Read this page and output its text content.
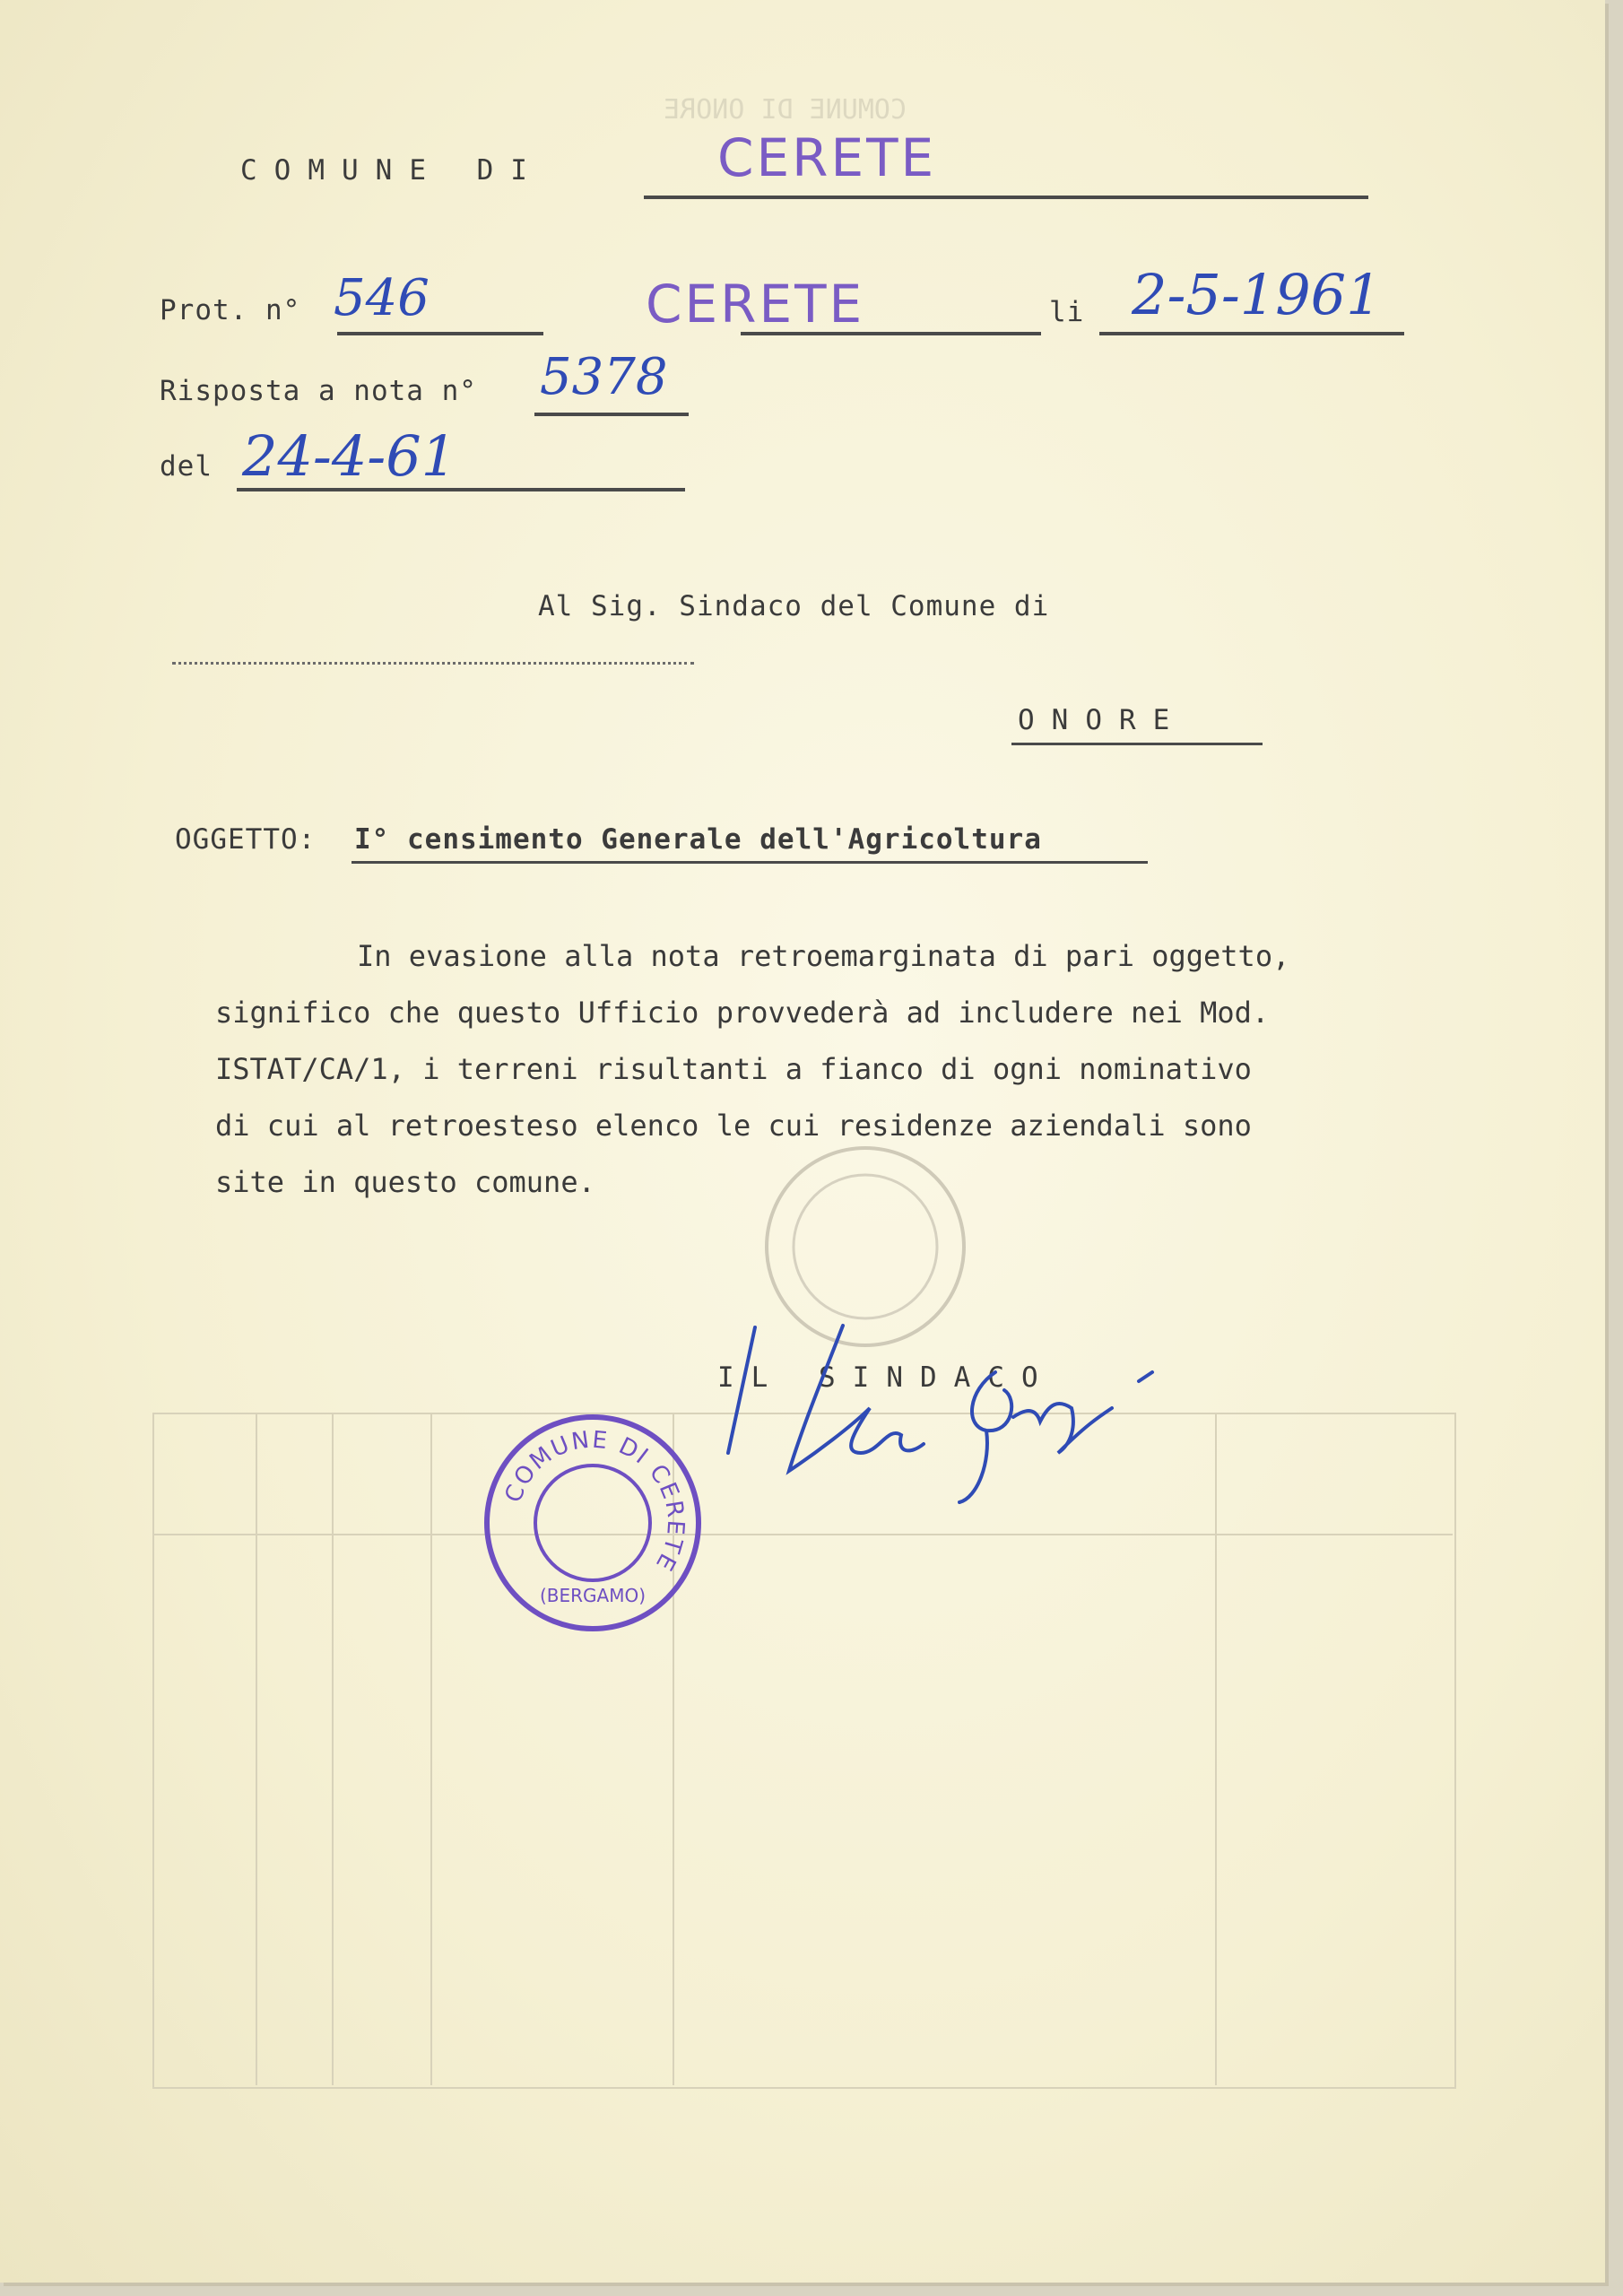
COMUNE DI ONORE
COMUNE DI	CERETE
Prot. n° 546	CERETE	li 2-5-1961
Risposta a nota n° 5378
del 24-4-61
Al Sig. Sindaco del Comune di
ONORE
OGGETTO: I° censimento Generale dell'Agricoltura

In evasione alla nota retroemarginata di pari oggetto,

significo che questo Ufficio provvederà ad includere nei Mod.

ISTAT/CA/1, i terreni risultanti a fianco di ogni nominativo

di cui al retroesteso elenco le cui residenze aziendali sono

site in questo comune.

IL SINDACO
COMUNE DI CERETE
(BERGAMO)
